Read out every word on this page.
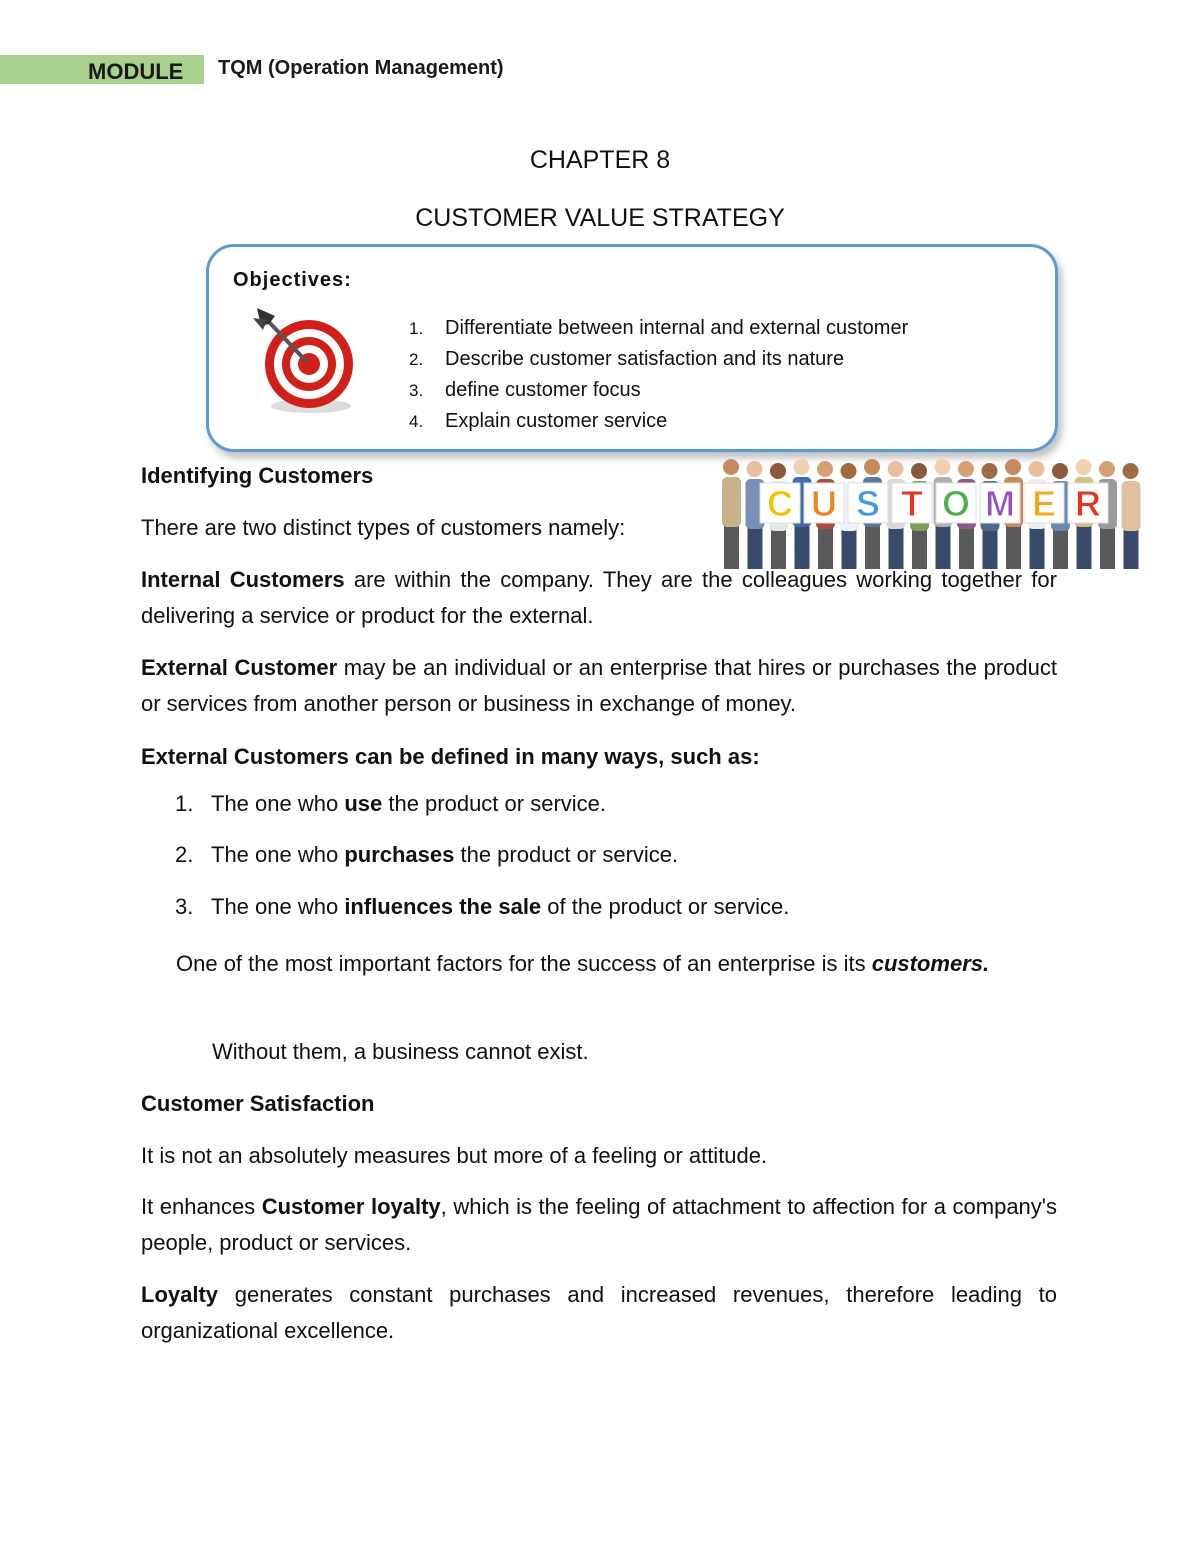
MODULE TQM (Operation Management)
CHAPTER 8
CUSTOMER VALUE STRATEGY
Objectives:
1. Differentiate between internal and external customer
2. Describe customer satisfaction and its nature
3. define customer focus
4. Explain customer service
C U S T O M E R
Identifying Customers
There are two distinct types of customers namely:
Internal Customers are within the company. They are the colleagues working together for delivering a service or product for the external.
External Customer may be an individual or an enterprise that hires or purchases the product or services from another person or business in exchange of money.
External Customers can be defined in many ways, such as:
1. The one who use the product or service.
2. The one who purchases the product or service.
3. The one who influences the sale of the product or service.
One of the most important factors for the success of an enterprise is its customers.
Without them, a business cannot exist.
Customer Satisfaction
It is not an absolutely measures but more of a feeling or attitude.
It enhances Customer loyalty, which is the feeling of attachment to affection for a company's people, product or services.
Loyalty generates constant purchases and increased revenues, therefore leading to organizational excellence.
